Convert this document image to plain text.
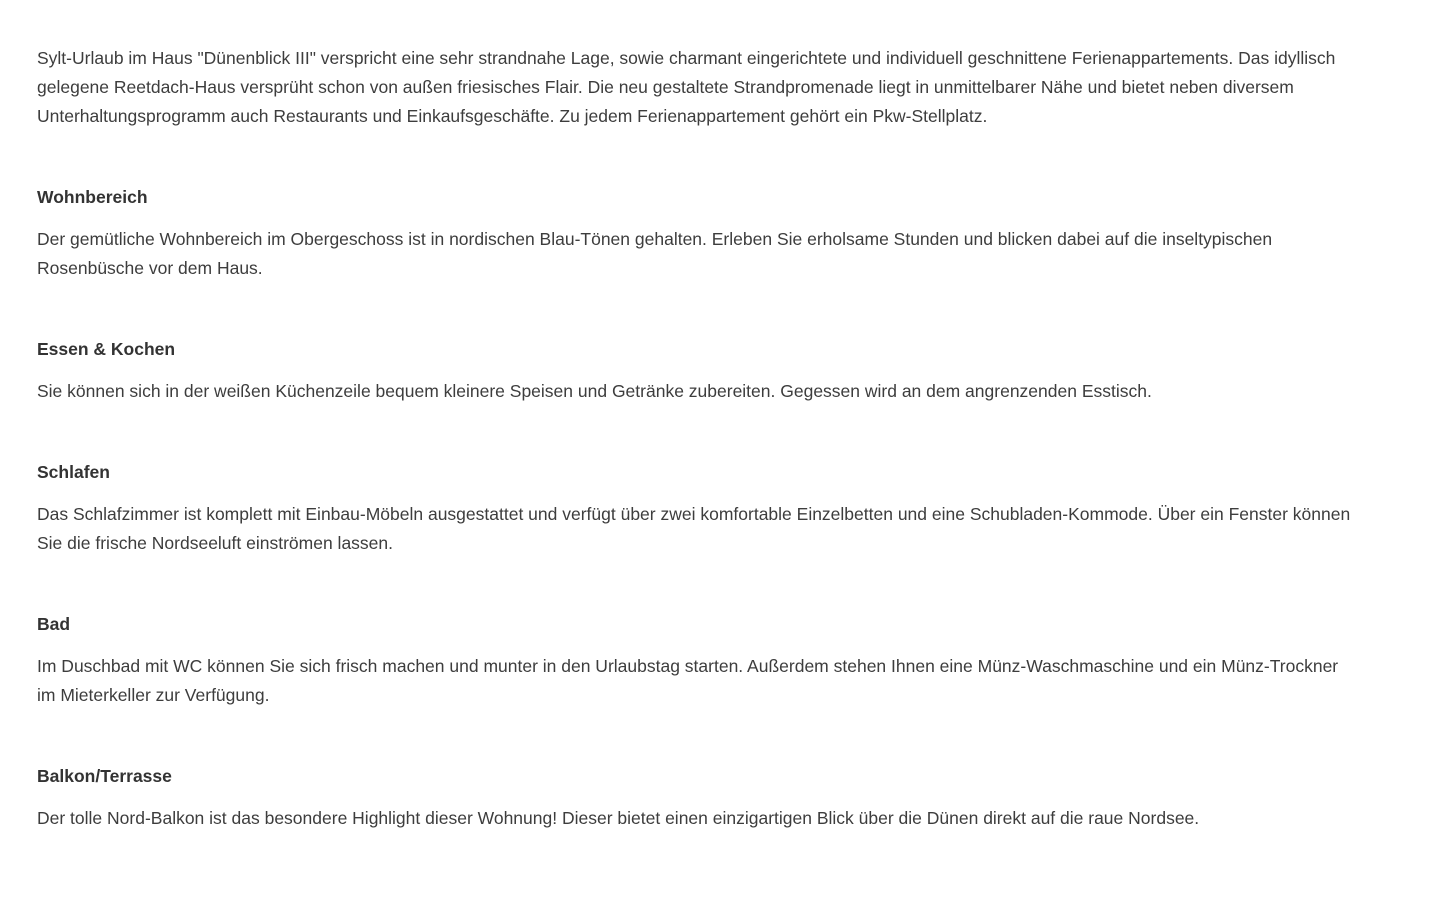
Sylt-Urlaub im Haus "Dünenblick III" verspricht eine sehr strandnahe Lage, sowie charmant eingerichtete und individuell geschnittene Ferienappartements. Das idyllisch gelegene Reetdach-Haus versprüht schon von außen friesisches Flair. Die neu gestaltete Strandpromenade liegt in unmittelbarer Nähe und bietet neben diversem Unterhaltungsprogramm auch Restaurants und Einkaufsgeschäfte. Zu jedem Ferienappartement gehört ein Pkw-Stellplatz.

Wohnbereich

Der gemütliche Wohnbereich im Obergeschoss ist in nordischen Blau-Tönen gehalten. Erleben Sie erholsame Stunden und blicken dabei auf die inseltypischen Rosenbüsche vor dem Haus.

Essen & Kochen

Sie können sich in der weißen Küchenzeile bequem kleinere Speisen und Getränke zubereiten. Gegessen wird an dem angrenzenden Esstisch.

Schlafen

Das Schlafzimmer ist komplett mit Einbau-Möbeln ausgestattet und verfügt über zwei komfortable Einzelbetten und eine Schubladen-Kommode. Über ein Fenster können Sie die frische Nordseeluft einströmen lassen.

Bad

Im Duschbad mit WC können Sie sich frisch machen und munter in den Urlaubstag starten. Außerdem stehen Ihnen eine Münz-Waschmaschine und ein Münz-Trockner im Mieterkeller zur Verfügung.

Balkon/Terrasse

Der tolle Nord-Balkon ist das besondere Highlight dieser Wohnung! Dieser bietet einen einzigartigen Blick über die Dünen direkt auf die raue Nordsee.
